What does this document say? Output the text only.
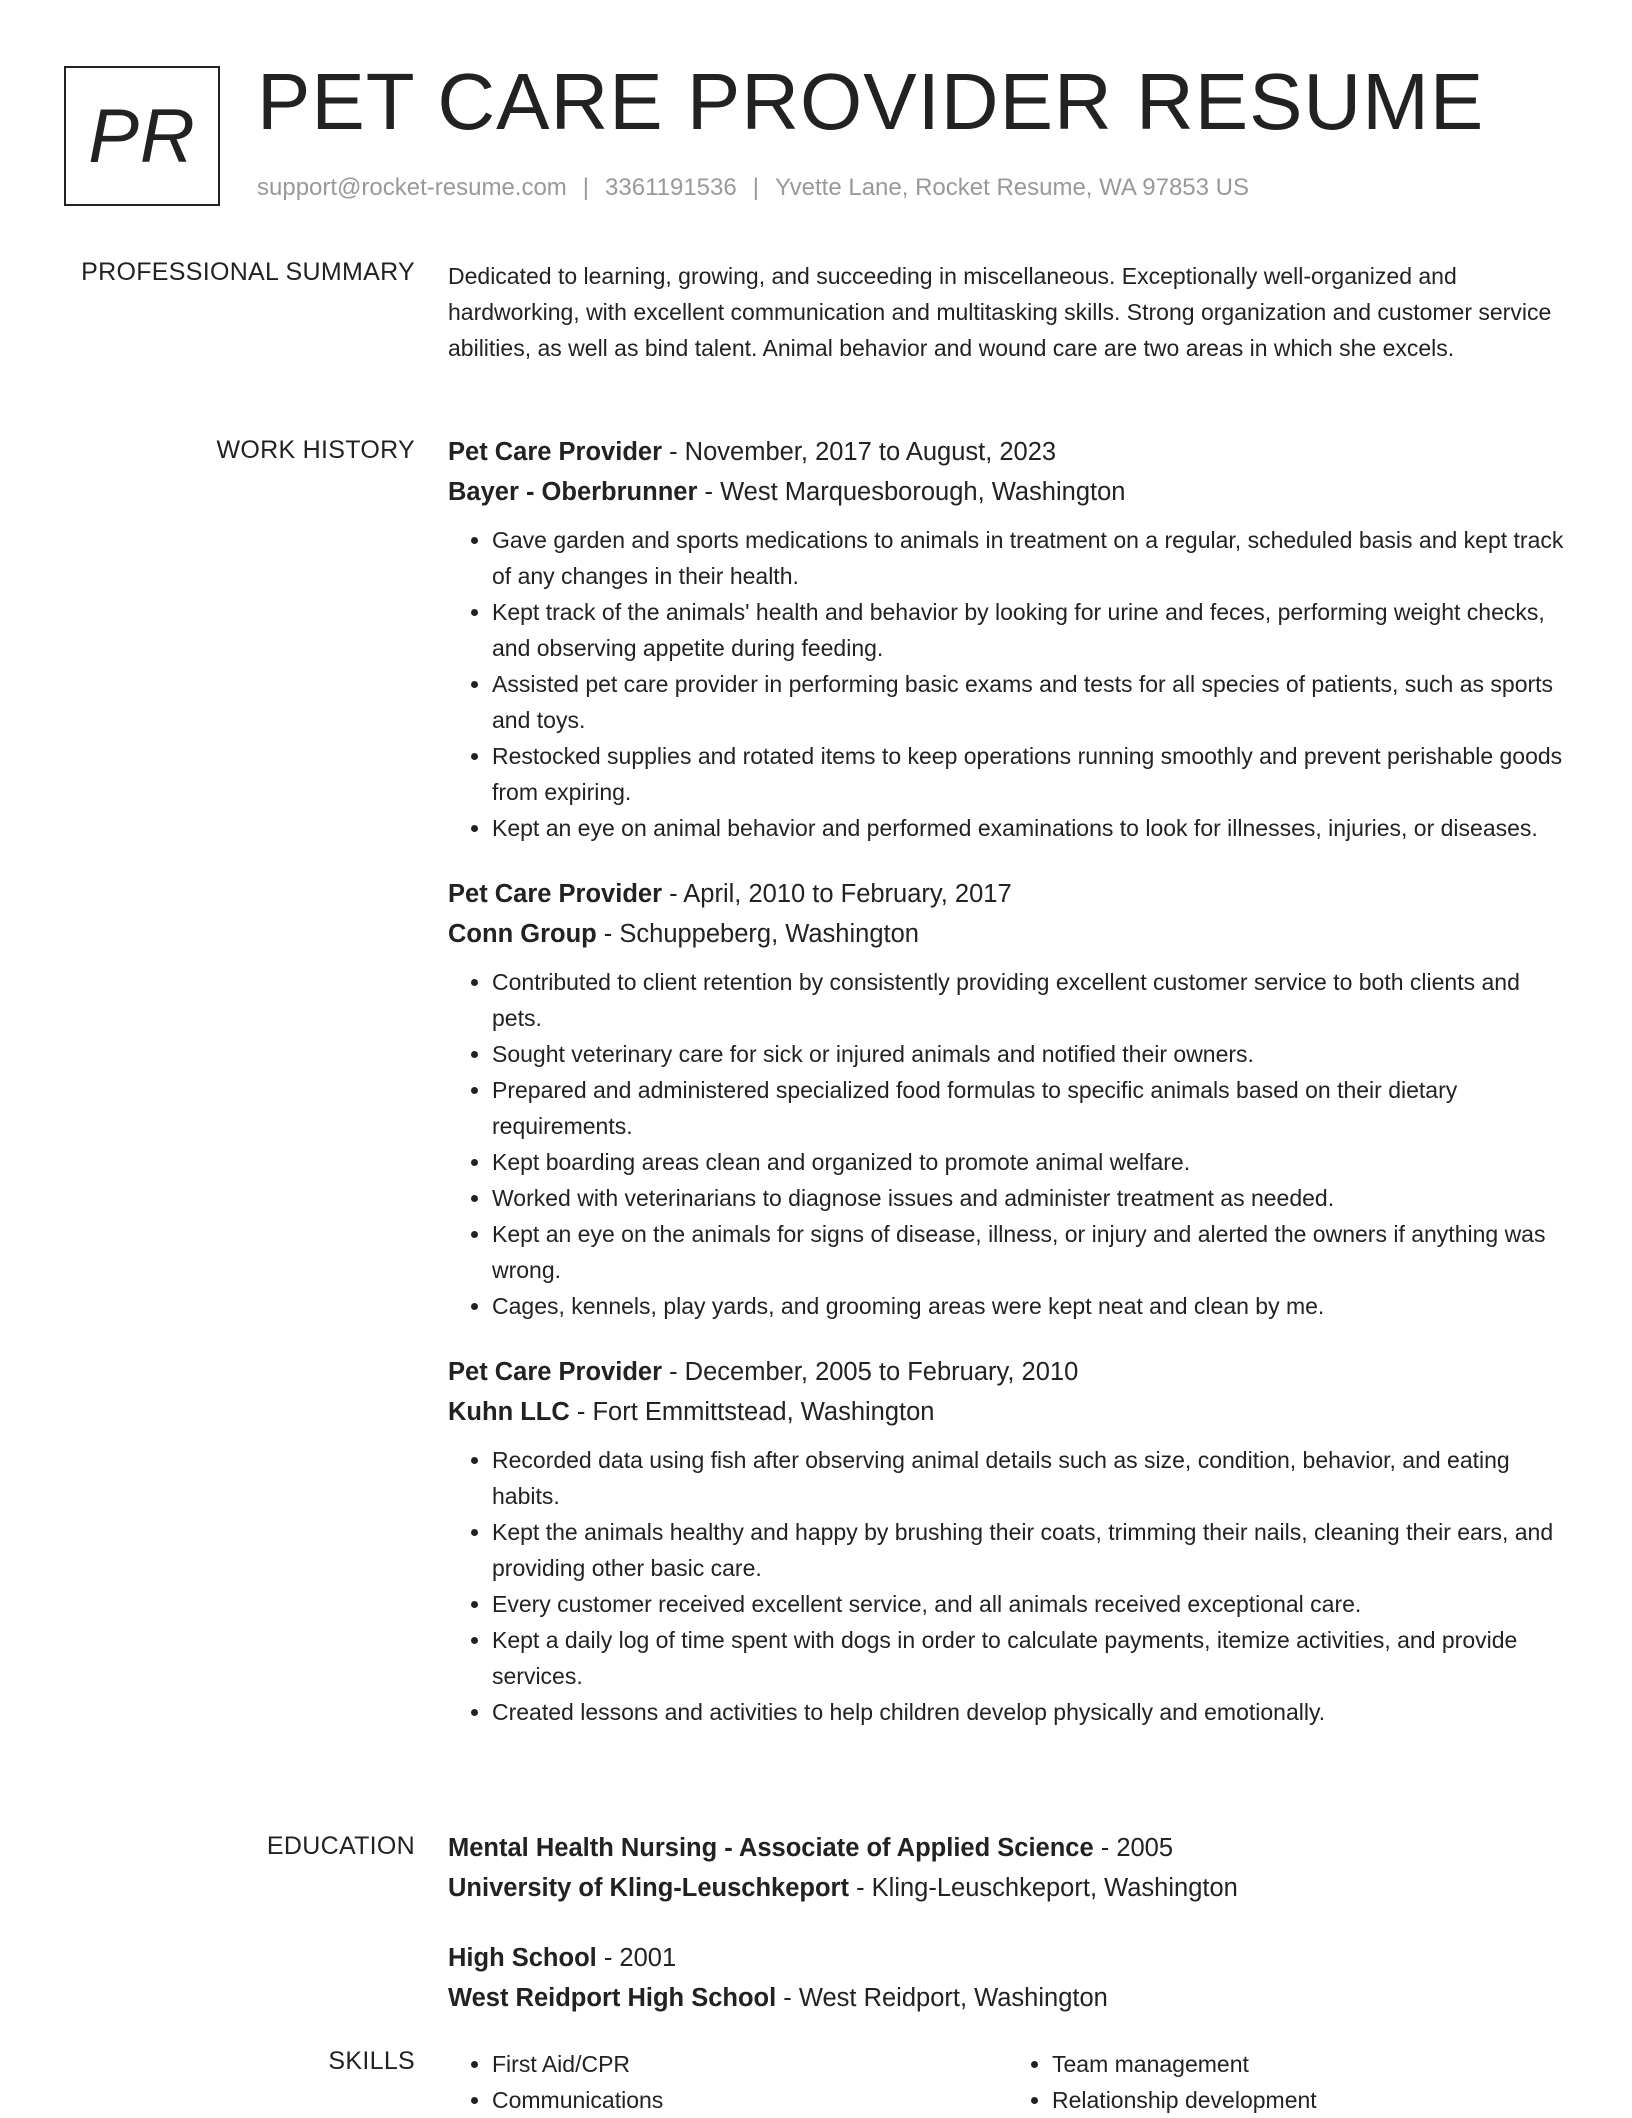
PR PET CARE PROVIDER RESUME
support@rocket-resume.com | 3361191536 | Yvette Lane, Rocket Resume, WA 97853 US
PROFESSIONAL SUMMARY Dedicated to learning, growing, and succeeding in miscellaneous. Exceptionally well-organized and hardworking, with excellent communication and multitasking skills. Strong organization and customer service abilities, as well as bind talent. Animal behavior and wound care are two areas in which she excels.

WORK HISTORY Pet Care Provider - November, 2017 to August, 2023
Bayer - Oberbrunner - West Marquesborough, Washington
• Gave garden and sports medications to animals in treatment on a regular, scheduled basis and kept track of any changes in their health.
• Kept track of the animals' health and behavior by looking for urine and feces, performing weight checks, and observing appetite during feeding.
• Assisted pet care provider in performing basic exams and tests for all species of patients, such as sports and toys.
• Restocked supplies and rotated items to keep operations running smoothly and prevent perishable goods from expiring.
• Kept an eye on animal behavior and performed examinations to look for illnesses, injuries, or diseases.
Pet Care Provider - April, 2010 to February, 2017
Conn Group - Schuppeberg, Washington
• Contributed to client retention by consistently providing excellent customer service to both clients and pets.
• Sought veterinary care for sick or injured animals and notified their owners.
• Prepared and administered specialized food formulas to specific animals based on their dietary requirements.
• Kept boarding areas clean and organized to promote animal welfare.
• Worked with veterinarians to diagnose issues and administer treatment as needed.
• Kept an eye on the animals for signs of disease, illness, or injury and alerted the owners if anything was wrong.
• Cages, kennels, play yards, and grooming areas were kept neat and clean by me.
Pet Care Provider - December, 2005 to February, 2010
Kuhn LLC - Fort Emmittstead, Washington
• Recorded data using fish after observing animal details such as size, condition, behavior, and eating habits.
• Kept the animals healthy and happy by brushing their coats, trimming their nails, cleaning their ears, and providing other basic care.
• Every customer received excellent service, and all animals received exceptional care.
• Kept a daily log of time spent with dogs in order to calculate payments, itemize activities, and provide services.
• Created lessons and activities to help children develop physically and emotionally.
EDUCATION Mental Health Nursing - Associate of Applied Science - 2005
University of Kling-Leuschkeport - Kling-Leuschkeport, Washington
High School - 2001
West Reidport High School - West Reidport, Washington
SKILLS
•	First Aid/CPR
• Communications
• Team management
• Relationship development
